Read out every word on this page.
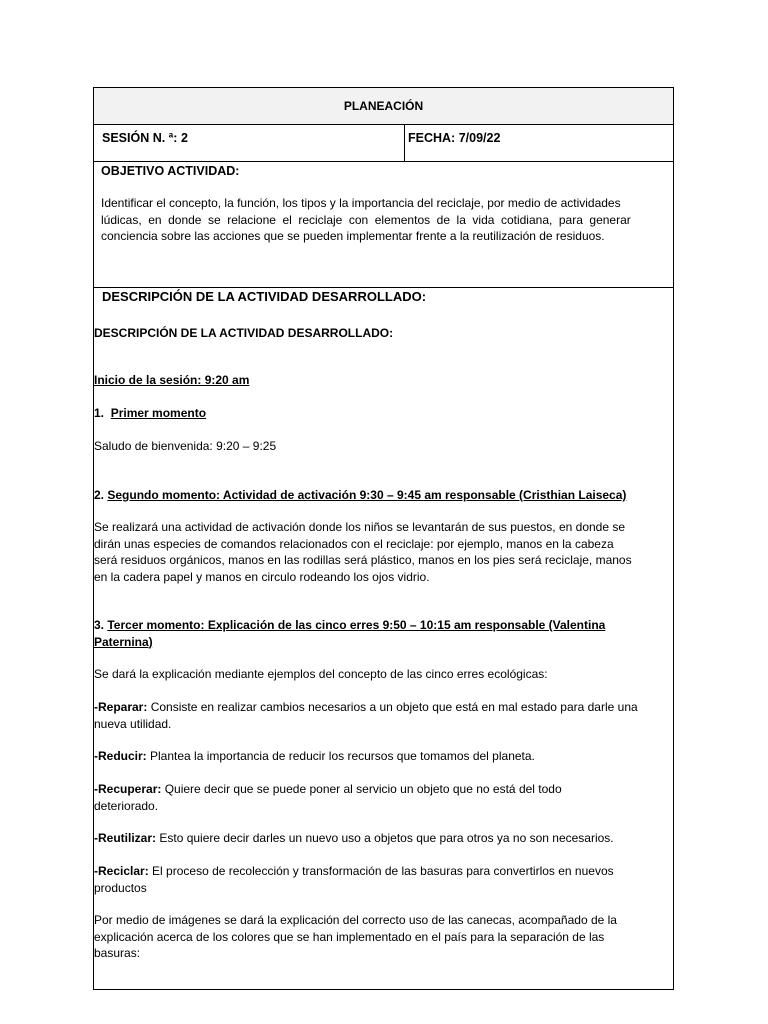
PLANEACIÓN
SESIÓN N. ª: 2	FECHA: 7/09/22
OBJETIVO ACTIVIDAD:
Identificar el concepto, la función, los tipos y la importancia del reciclaje, por medio de actividades
lúdicas, en donde se relacione el reciclaje con elementos de la vida cotidiana, para generar
conciencia sobre las acciones que se pueden implementar frente a la reutilización de residuos.
DESCRIPCIÓN DE LA ACTIVIDAD DESARROLLADO:
DESCRIPCIÓN DE LA ACTIVIDAD DESARROLLADO:
Inicio de la sesión: 9:20 am
1. Primer momento
Saludo de bienvenida: 9:20 – 9:25
2. Segundo momento: Actividad de activación 9:30 – 9:45 am responsable (Cristhian Laiseca)
Se realizará una actividad de activación donde los niños se levantarán de sus puestos, en donde se
dirán unas especies de comandos relacionados con el reciclaje: por ejemplo, manos en la cabeza
será residuos orgánicos, manos en las rodillas será plástico, manos en los pies será reciclaje, manos
en la cadera papel y manos en circulo rodeando los ojos vidrio.
3. Tercer momento: Explicación de las cinco erres 9:50 – 10:15 am responsable (Valentina
Paternina)
Se dará la explicación mediante ejemplos del concepto de las cinco erres ecológicas:
-Reparar: Consiste en realizar cambios necesarios a un objeto que está en mal estado para darle una
nueva utilidad.
-Reducir: Plantea la importancia de reducir los recursos que tomamos del planeta.
-Recuperar: Quiere decir que se puede poner al servicio un objeto que no está del todo
deteriorado.
-Reutilizar: Esto quiere decir darles un nuevo uso a objetos que para otros ya no son necesarios.
-Reciclar: El proceso de recolección y transformación de las basuras para convertirlos en nuevos
productos
Por medio de imágenes se dará la explicación del correcto uso de las canecas, acompañado de la
explicación acerca de los colores que se han implementado en el país para la separación de las
basuras:
